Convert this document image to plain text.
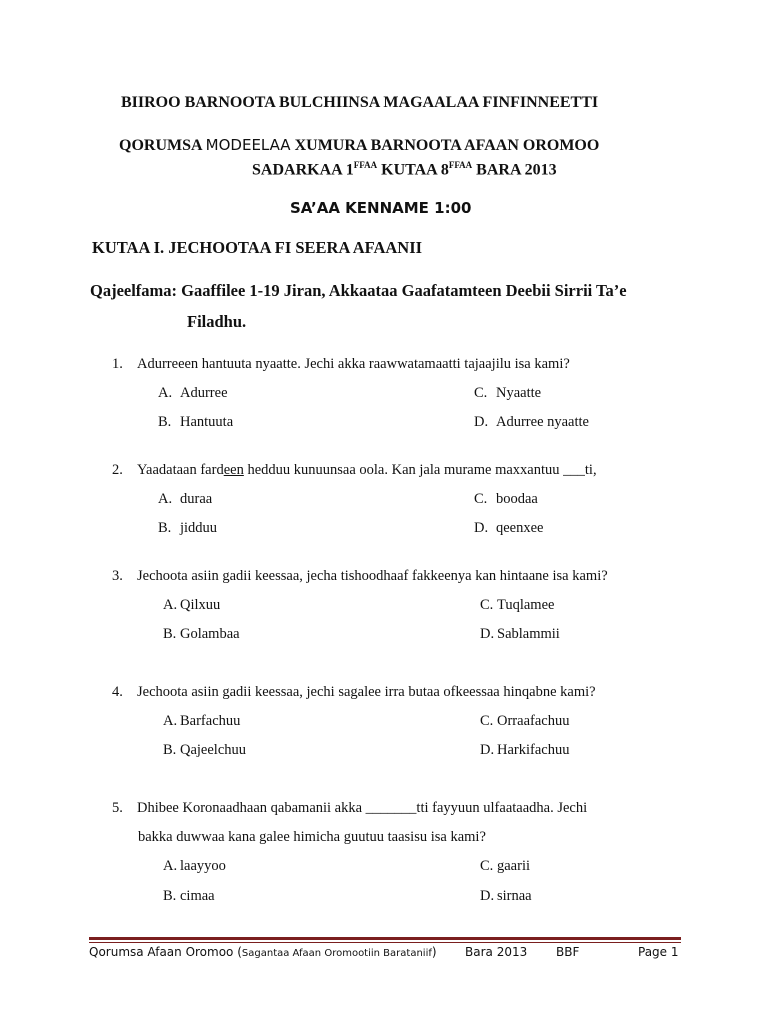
BIIROO BARNOOTA BULCHIINSA MAGAALAA FINFINNEETTI
QORUMSA MODEELAA XUMURA BARNOOTA AFAAN OROMOO
SADARKAA $1^{FFAA}$ KUTAA $8^{FFAA}$ BARA 2013
SA’AA KENNAME 1:00
KUTAA I. JECHOOTAA FI SEERA AFAANII
Qajeelfama: Gaaffilee 1-19 Jiran, Akkaataa Gaafatamteen Deebii Sirrii Ta’e
Filadhu.
1. Adurreeen hantuuta nyaatte. Jechi akka raawwatamaatti tajaajilu isa kami?
A. Adurree
B. Hantuuta
C. Nyaatte
D. Adurree nyaatte
2. Yaadataan fardeen hedduu kunuunsaa oola. Kan jala murame maxxantuu ___ti,
A. duraa
B. jidduu
C. boodaa
D. qeenxee
3. Jechoota asiin gadii keessaa, jecha tishoodhaaf fakkeenya kan hintaane isa kami?
A. Qilxuu
B. Golambaa
C. Tuqlamee
D. Sablammii
4. Jechoota asiin gadii keessaa, jechi sagalee irra butaa ofkeessaa hinqabne kami?
A. Barfachuu
B. Qajeelchuu
C. Orraafachuu
D. Harkifachuu
5. Dhibee Koronaadhaan qabamanii akka _______tti fayyuun ulfaataadha. Jechi
bakka duwwaa kana galee himicha guutuu taasisu isa kami?
A. laayyoo
B. cimaa
C. gaarii
D. sirnaa
Qorumsa Afaan Oromoo (Sagantaa Afaan Oromootiin Barataniif) Bara 2013 BBF	Page 1
